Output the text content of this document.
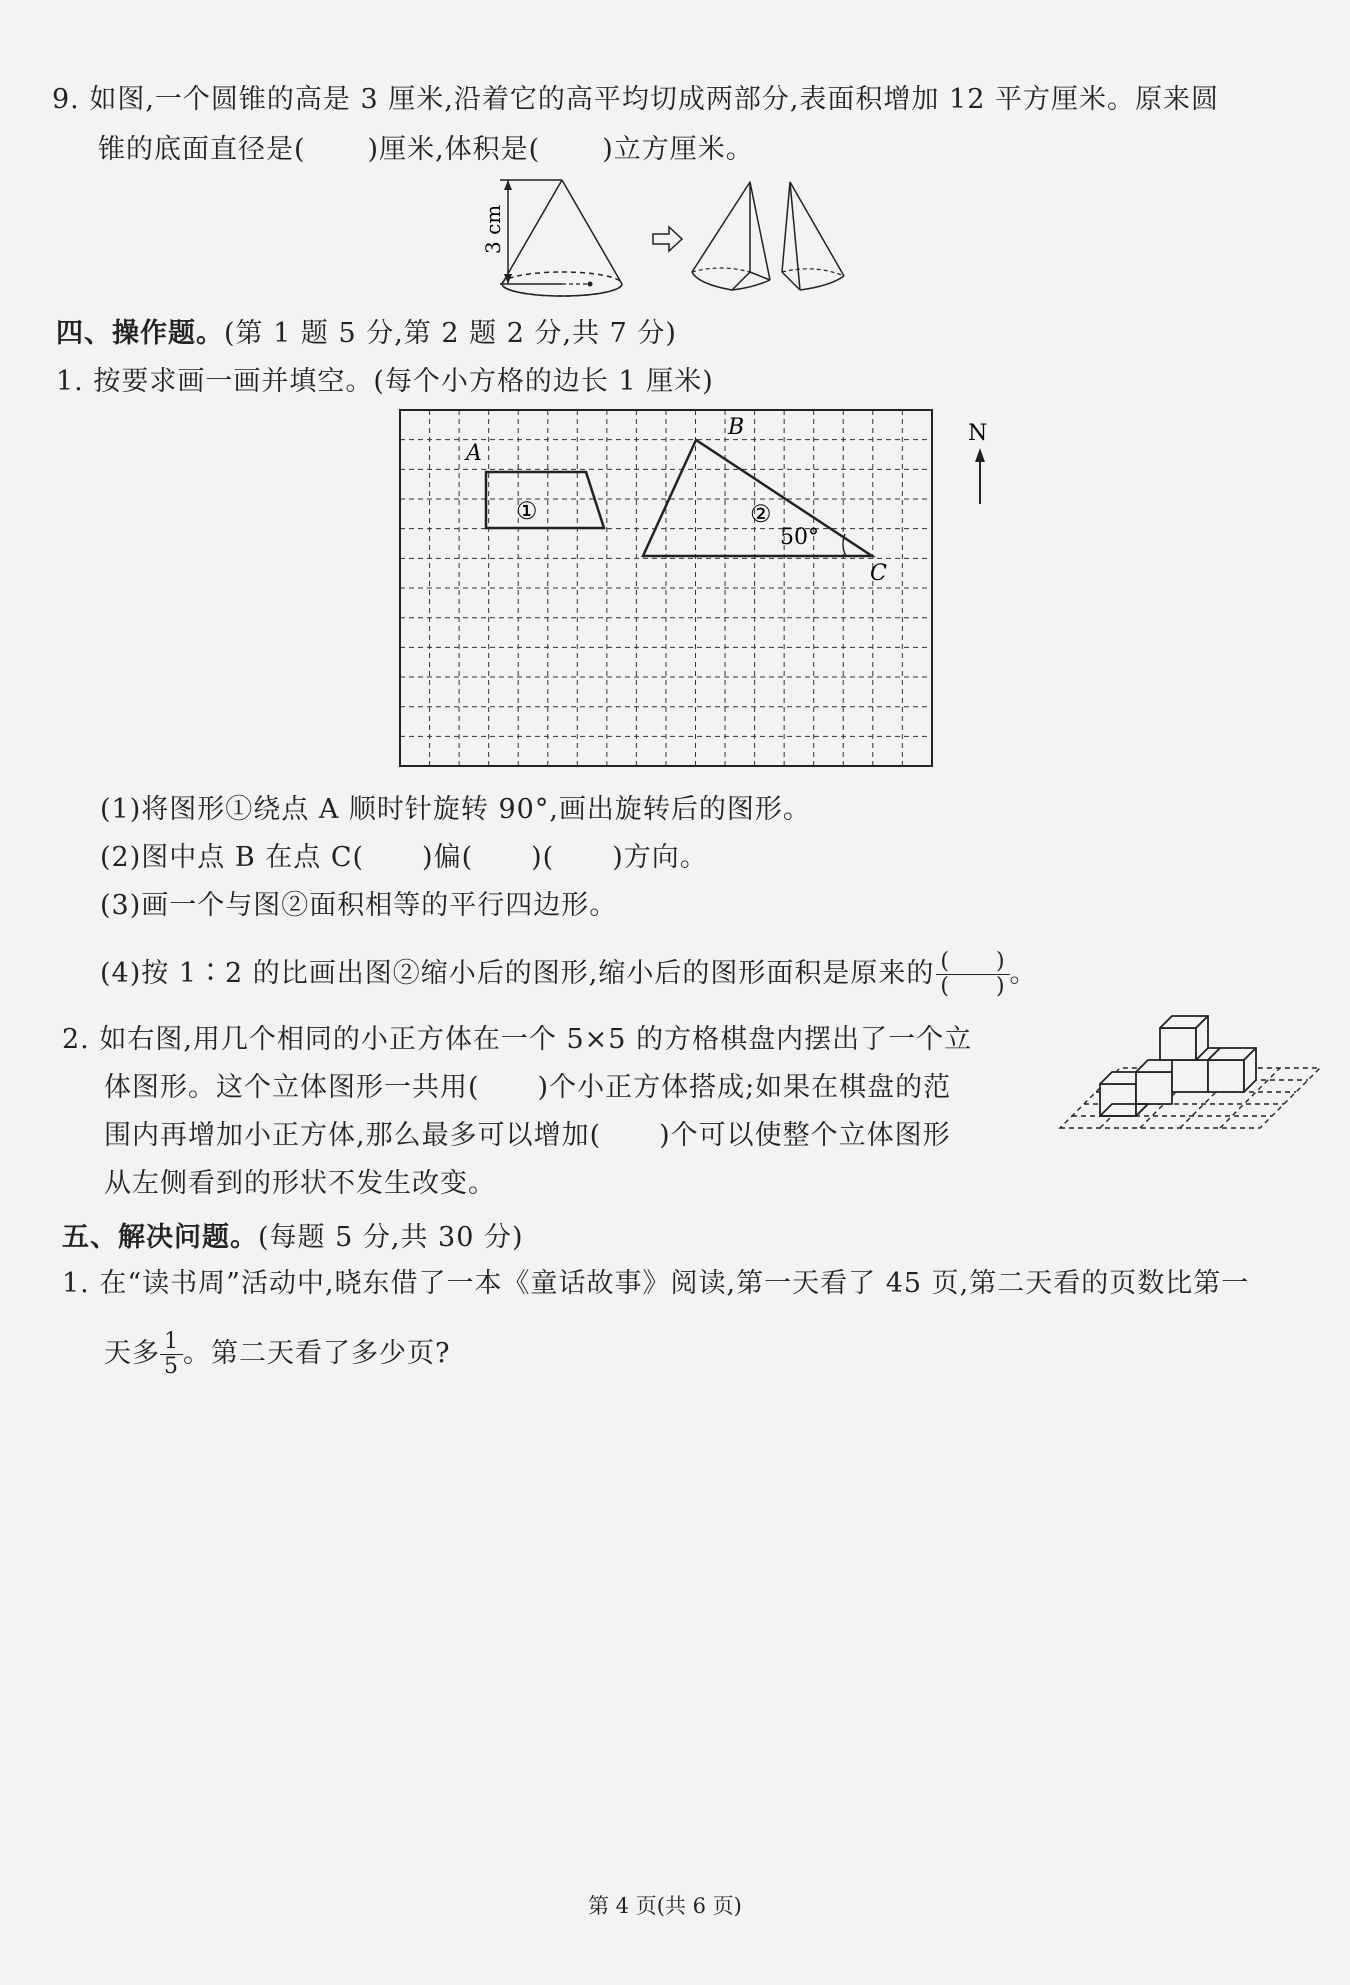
9. 如图,一个圆锥的高是 3 厘米,沿着它的高平均切成两部分,表面积增加 12 平方厘米。原来圆
锥的底面直径是( )厘米,体积是( )立方厘米。
3 cm
四、操作题。(第 1 题 5 分,第 2 题 2 分,共 7 分)
1. 按要求画一画并填空。(每个小方格的边长 1 厘米)
A
①
B
C
②
50°
N
(1)将图形①绕点 A 顺时针旋转 90°,画出旋转后的图形。
(2)图中点 B 在点 C( )偏( )( )方向。
(3)画一个与图②面积相等的平行四边形。
(4)按 1∶2 的比画出图②缩小后的图形,缩小后的图形面积是原来的 $\frac{( )}{( )}$ 。
2. 如右图,用几个相同的小正方体在一个 5×5 的方格棋盘内摆出了一个立
体图形。这个立体图形一共用( )个小正方体搭成;如果在棋盘的范
围内再增加小正方体,那么最多可以增加( )个可以使整个立体图形
从左侧看到的形状不发生改变。
五、解决问题。(每题 5 分,共 30 分)
1. 在“读书周”活动中,晓东借了一本《童话故事》阅读,第一天看了 45 页,第二天看的页数比第一
天多 $\frac{1}{5}$ 。第二天看了多少页?
第 4 页(共 6 页)
